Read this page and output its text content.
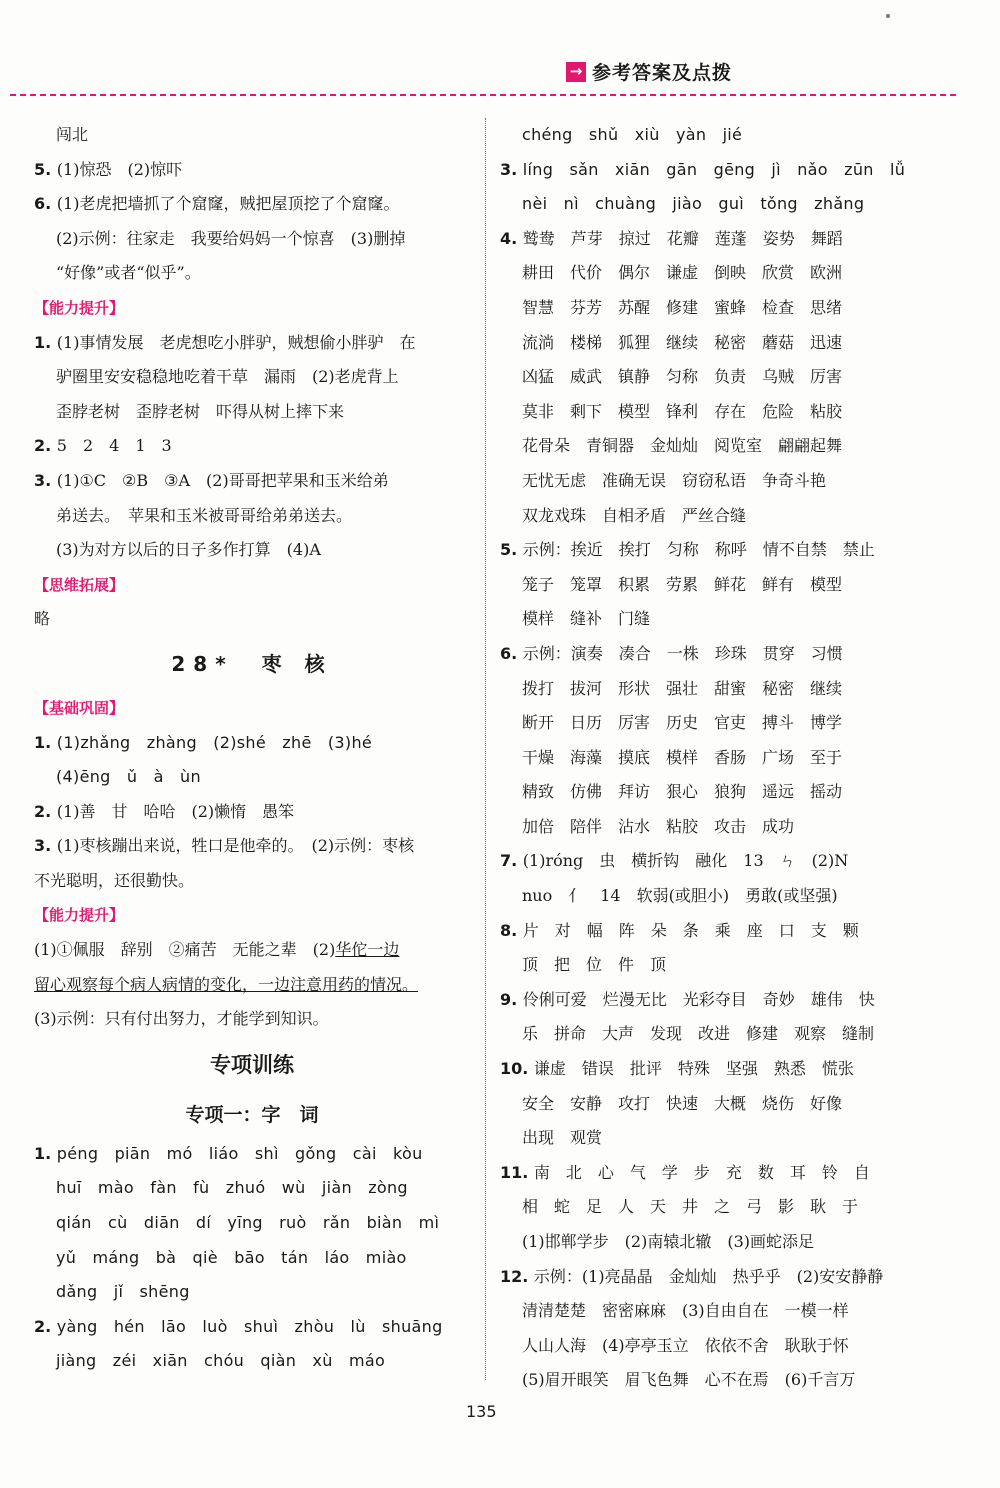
→ 参考答案及点拨
闯北
5. (1)惊恐　(2)惊吓
6. (1)老虎把墙抓了个窟窿，贼把屋顶挖了个窟窿。
(2)示例：往家走　我要给妈妈一个惊喜　(3)删掉
“好像”或者“似乎”。
【能力提升】
1. (1)事情发展　老虎想吃小胖驴，贼想偷小胖驴　在
驴圈里安安稳稳地吃着干草　漏雨　(2)老虎背上
歪脖老树　歪脖老树　吓得从树上摔下来
2. 5　2　4　1　3
3. (1)①C　②B　③A　(2)哥哥把苹果和玉米给弟
弟送去。　苹果和玉米被哥哥给弟弟送去。
(3)为对方以后的日子多作打算　(4)A
【思维拓展】
略
28*　枣 核
【基础巩固】
1. (1)zhǎng　zhàng　(2)shé　zhē　(3)hé
(4)ēng　ǔ　à　ùn
2. (1)善　甘　哈哈　(2)懒惰　愚笨
3. (1)枣核蹦出来说，牲口是他牵的。　(2)示例：枣核
不光聪明，还很勤快。
【能力提升】
(1)①佩服　辞别　②痛苦　无能之辈　(2)华佗一边
留心观察每个病人病情的变化，一边注意用药的情况。
(3)示例：只有付出努力，才能学到知识。
专项训练
专项一：字　词
1. péng　piān　mó　liáo　shì　gǒng　cài　kòu
huī　mào　fàn　fù　zhuó　wù　jiàn　zòng
qián　cù　diān　dí　yīng　ruò　rǎn　biàn　mì
yǔ　máng　bà　qiè　bāo　tán　láo　miào
dǎng　jǐ　shēng
2. yàng　hén　lāo　luò　shuì　zhòu　lù　shuāng
jiàng　zéi　xiān　chóu　qiàn　xù　máo
chéng　shǔ　xiù　yàn　jié
3. líng　sǎn　xiān　gān　gēng　jì　nǎo　zūn　lǚ
nèi　nì　chuàng　jiào　guì　tǒng　zhǎng
4. 鹫鸯　芦芽　掠过　花瓣　莲蓬　姿势　舞蹈
耕田　代价　偶尔　谦虚　倒映　欣赏　欧洲
智慧　芬芳　苏醒　修建　蜜蜂　检查　思绪
流淌　楼梯　狐狸　继续　秘密　蘑菇　迅速
凶猛　威武　镇静　匀称　负责　乌贼　厉害
莫非　剩下　模型　锋利　存在　危险　粘胶
花骨朵　青铜器　金灿灿　阅览室　翩翩起舞
无忧无虑　准确无误　窃窃私语　争奇斗艳
双龙戏珠　自相矛盾　严丝合缝
5. 示例：挨近　挨打　匀称　称呼　情不自禁　禁止
笼子　笼罩　积累　劳累　鲜花　鲜有　模型
模样　缝补　门缝
6. 示例：演奏　凑合　一株　珍珠　贯穿　习惯
拨打　拔河　形状　强壮　甜蜜　秘密　继续
断开　日历　厉害　历史　官吏　搏斗　博学
干燥　海藻　摸底　模样　香肠　广场　至于
精致　仿佛　拜访　狠心　狼狗　遥远　摇动
加倍　陪伴　沾水　粘胶　攻击　成功
7. (1)róng　虫　横折钩　融化　13　ㄣ　(2)N
nuo　亻　14　软弱(或胆小)　勇敢(或坚强)
8. 片　对　幅　阵　朵　条　乘　座　口　支　颗
顶　把　位　件　顶
9. 伶俐可爱　烂漫无比　光彩夺目　奇妙　雄伟　快
乐　拼命　大声　发现　改进　修建　观察　缝制
10. 谦虚　错误　批评　特殊　坚强　熟悉　慌张
安全　安静　攻打　快速　大概　烧伤　好像
出现　观赏
11. 南　北　心　气　学　步　充　数　耳　铃　自
相　蛇　足　人　天　井　之　弓　影　耿　于
(1)邯郸学步　(2)南辕北辙　(3)画蛇添足
12. 示例：(1)亮晶晶　金灿灿　热乎乎　(2)安安静静
清清楚楚　密密麻麻　(3)自由自在　一模一样
人山人海　(4)亭亭玉立　依依不舍　耿耿于怀
(5)眉开眼笑　眉飞色舞　心不在焉　(6)千言万
135
